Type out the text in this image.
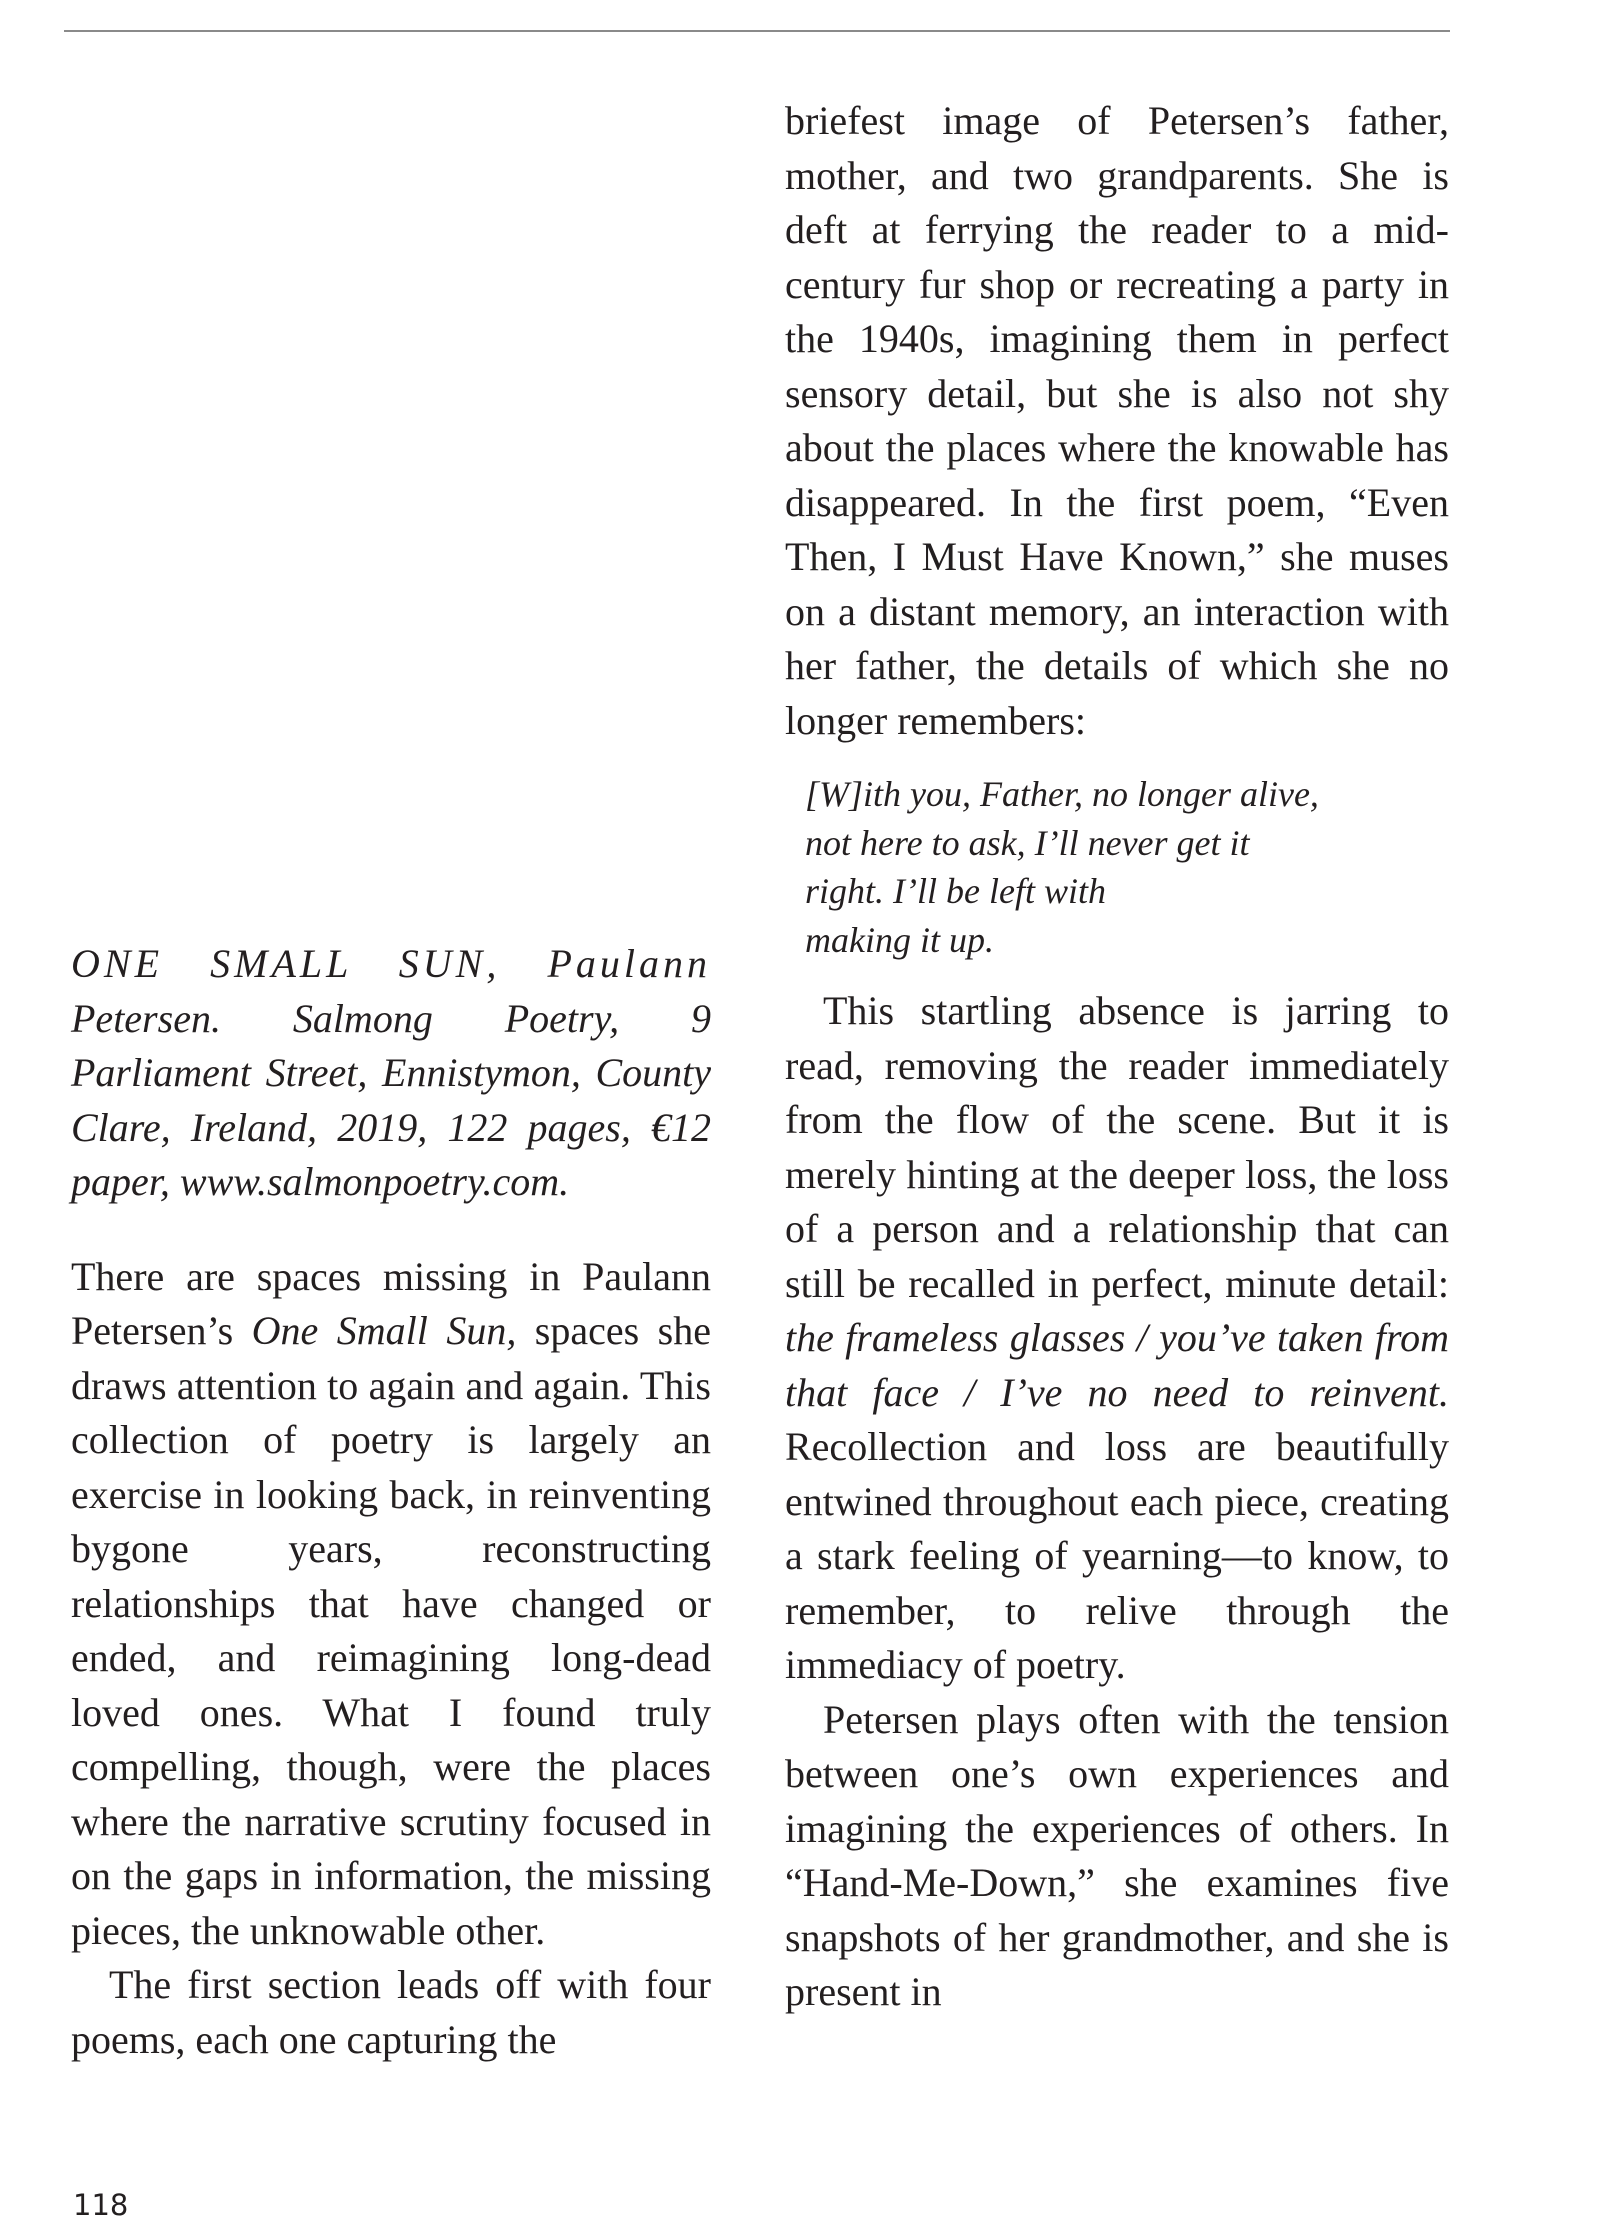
ONE SMALL SUN, Paulann Petersen. Salmong Poetry, 9 Parliament Street, Ennistymon, County Clare, Ireland, 2019, 122 pages, €12 paper, www.salmonpoetry.com.

There are spaces missing in Paulann Petersen’s One Small Sun, spaces she draws attention to again and again. This collection of poetry is largely an exercise in looking back, in reinventing bygone years, reconstructing relationships that have changed or ended, and reimagining long-dead loved ones. What I found truly compelling, though, were the places where the narrative scrutiny focused in on the gaps in information, the missing pieces, the unknowable other.

The first section leads off with four poems, each one capturing the

briefest image of Petersen’s father, mother, and two grandparents. She is deft at ferrying the reader to a mid-century fur shop or recreating a party in the 1940s, imagining them in perfect sensory detail, but she is also not shy about the places where the knowable has disappeared. In the first poem, “Even Then, I Must Have Known,” she muses on a distant memory, an interaction with her father, the details of which she no longer remembers:

[W]ith you, Father, no longer alive,
not here to ask, I’ll never get it
right. I’ll be left with
making it up.

This startling absence is jarring to read, removing the reader immediately from the flow of the scene. But it is merely hinting at the deeper loss, the loss of a person and a relationship that can still be recalled in perfect, minute detail: the frameless glasses / you’ve taken from that face / I’ve no need to reinvent. Recollection and loss are beautifully entwined throughout each piece, creating a stark feeling of yearning—to know, to remember, to relive through the immediacy of poetry.

Petersen plays often with the tension between one’s own experiences and imagining the experiences of others. In “Hand-Me-Down,” she examines five snapshots of her grandmother, and she is present in

118
